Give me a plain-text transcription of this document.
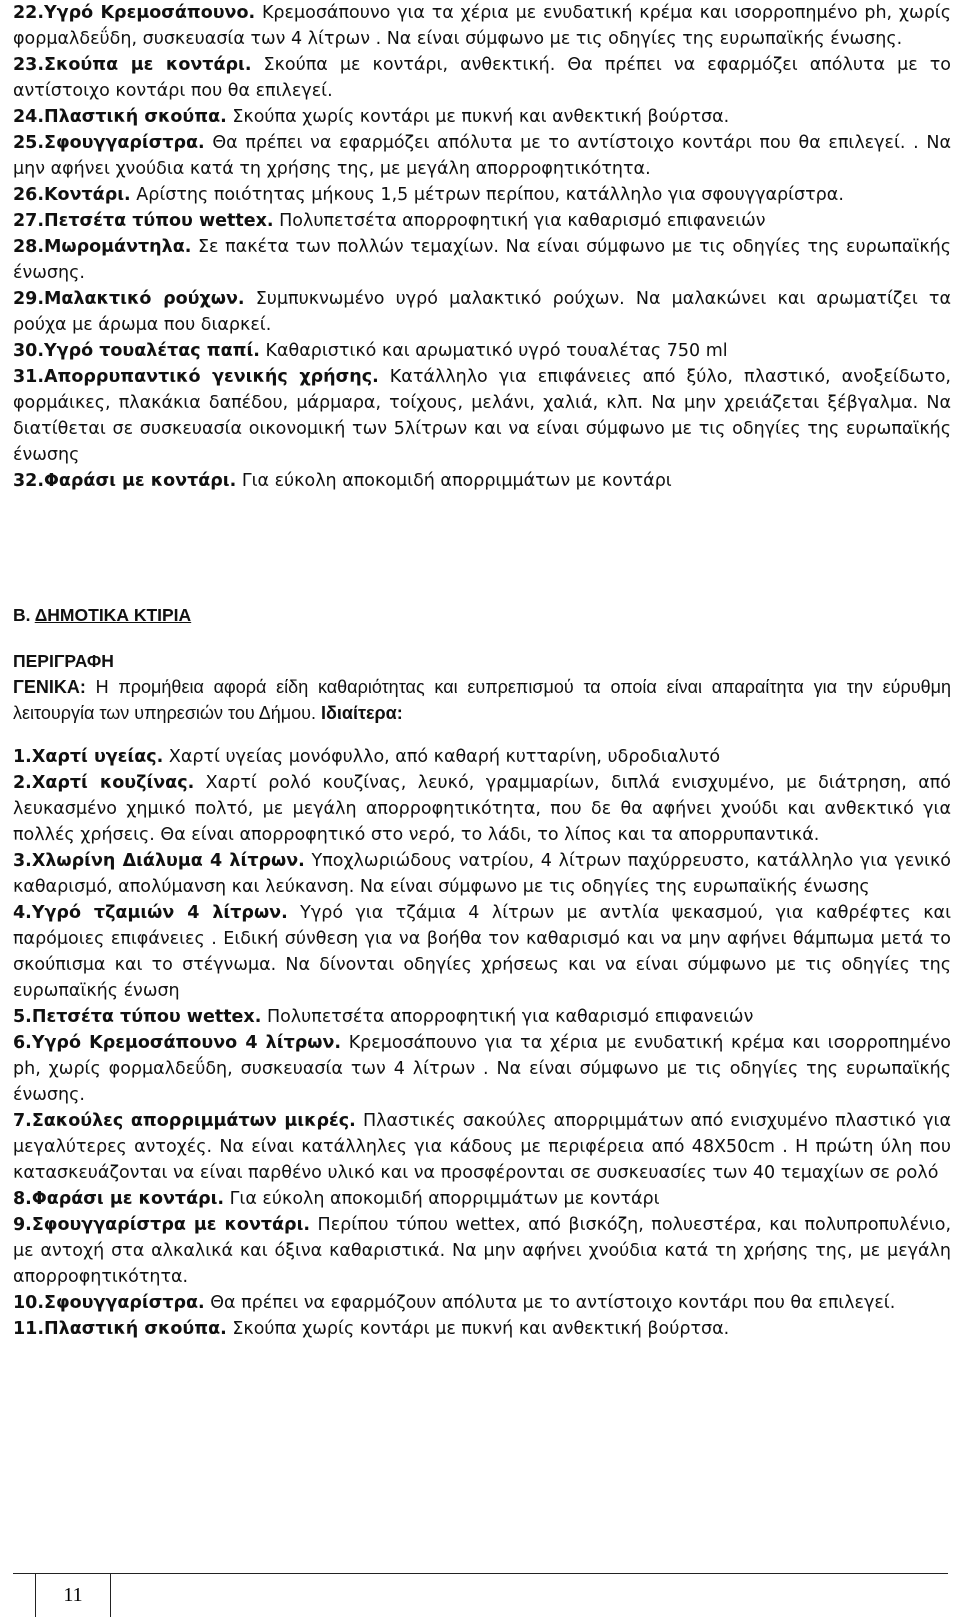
22.Υγρό Κρεμοσάπουνο. Κρεμοσάπουνο για τα χέρια με ενυδατική κρέμα και ισορροπημένο ph, χωρίς φορμαλδεΰδη, συσκευασία των 4 λίτρων . Να είναι σύμφωνο με τις οδηγίες της ευρωπαϊκής ένωσης.

23.Σκούπα με κοντάρι. Σκούπα με κοντάρι, ανθεκτική. Θα πρέπει να εφαρμόζει απόλυτα με το αντίστοιχο κοντάρι που θα επιλεγεί.

24.Πλαστική σκούπα. Σκούπα χωρίς κοντάρι με πυκνή και ανθεκτική βούρτσα.

25.Σφουγγαρίστρα. Θα πρέπει να εφαρμόζει απόλυτα με το αντίστοιχο κοντάρι που θα επιλεγεί. . Να μην αφήνει χνούδια κατά τη χρήσης της, με μεγάλη απορροφητικότητα.

26.Κοντάρι. Αρίστης ποιότητας μήκους 1,5 μέτρων περίπου, κατάλληλο για σφουγγαρίστρα.

27.Πετσέτα τύπου wettex. Πολυπετσέτα απορροφητική για καθαρισμό επιφανειών

28.Μωρομάντηλα. Σε πακέτα των πολλών τεμαχίων. Να είναι σύμφωνο με τις οδηγίες της ευρωπαϊκής ένωσης.

29.Μαλακτικό ρούχων. Συμπυκνωμένο υγρό μαλακτικό ρούχων. Να μαλακώνει και αρωματίζει τα ρούχα με άρωμα που διαρκεί.

30.Υγρό τουαλέτας παπί. Καθαριστικό και αρωματικό υγρό τουαλέτας 750 ml

31.Απορρυπαντικό γενικής χρήσης. Κατάλληλο για επιφάνειες από ξύλο, πλαστικό, ανοξείδωτο, φορμάικες, πλακάκια δαπέδου, μάρμαρα, τοίχους, μελάνι, χαλιά, κλπ. Να μην χρειάζεται ξέβγαλμα. Να διατίθεται σε συσκευασία οικονομική των 5λίτρων και να είναι σύμφωνο με τις οδηγίες της ευρωπαϊκής ένωσης

32.Φαράσι με κοντάρι. Για εύκολη αποκομιδή απορριμμάτων με κοντάρι

Β. ΔΗΜΟΤΙΚΑ ΚΤΙΡΙΑ

ΠΕΡΙΓΡΑΦΗ

ΓΕΝΙΚΑ: Η προμήθεια αφορά είδη καθαριότητας και ευπρεπισμού τα οποία είναι απαραίτητα για την εύρυθμη λειτουργία των υπηρεσιών του Δήμου. Ιδιαίτερα:

1.Χαρτί υγείας. Χαρτί υγείας μονόφυλλο, από καθαρή κυτταρίνη, υδροδιαλυτό

2.Χαρτί κουζίνας. Χαρτί ρολό κουζίνας, λευκό, γραμμαρίων, διπλά ενισχυμένο, με διάτρηση, από λευκασμένο χημικό πολτό, με μεγάλη απορροφητικότητα, που δε θα αφήνει χνούδι και ανθεκτικό για πολλές χρήσεις. Θα είναι απορροφητικό στο νερό, το λάδι, το λίπος και τα απορρυπαντικά.

3.Χλωρίνη Διάλυμα 4 λίτρων. Υποχλωριώδους νατρίου, 4 λίτρων παχύρρευστο, κατάλληλο για γενικό καθαρισμό, απολύμανση και λεύκανση. Να είναι σύμφωνο με τις οδηγίες της ευρωπαϊκής ένωσης

4.Υγρό τζαμιών 4 λίτρων. Υγρό για τζάμια 4 λίτρων με αντλία ψεκασμού, για καθρέφτες και παρόμοιες επιφάνειες . Ειδική σύνθεση για να βοήθα τον καθαρισμό και να μην αφήνει θάμπωμα μετά το σκούπισμα και το στέγνωμα. Να δίνονται οδηγίες χρήσεως και να είναι σύμφωνο με τις οδηγίες της ευρωπαϊκής ένωση

5.Πετσέτα τύπου wettex. Πολυπετσέτα απορροφητική για καθαρισμό επιφανειών

6.Υγρό Κρεμοσάπουνο 4 λίτρων. Κρεμοσάπουνο για τα χέρια με ενυδατική κρέμα και ισορροπημένο ph, χωρίς φορμαλδεΰδη, συσκευασία των 4 λίτρων . Να είναι σύμφωνο με τις οδηγίες της ευρωπαϊκής ένωσης.

7.Σακούλες απορριμμάτων μικρές. Πλαστικές σακούλες απορριμμάτων από ενισχυμένο πλαστικό για μεγαλύτερες αντοχές. Να είναι κατάλληλες για κάδους με περιφέρεια από 48Χ50cm . Η πρώτη ύλη που κατασκευάζονται να είναι παρθένο υλικό και να προσφέρονται σε συσκευασίες των 40 τεμαχίων σε ρολό

8.Φαράσι με κοντάρι. Για εύκολη αποκομιδή απορριμμάτων με κοντάρι

9.Σφουγγαρίστρα με κοντάρι. Περίπου τύπου wettex, από βισκόζη, πολυεστέρα, και πολυπροπυλένιο, με αντοχή στα αλκαλικά και όξινα καθαριστικά. Να μην αφήνει χνούδια κατά τη χρήσης της, με μεγάλη απορροφητικότητα.

10.Σφουγγαρίστρα. Θα πρέπει να εφαρμόζουν απόλυτα με το αντίστοιχο κοντάρι που θα επιλεγεί.

11.Πλαστική σκούπα. Σκούπα χωρίς κοντάρι με πυκνή και ανθεκτική βούρτσα.

11
